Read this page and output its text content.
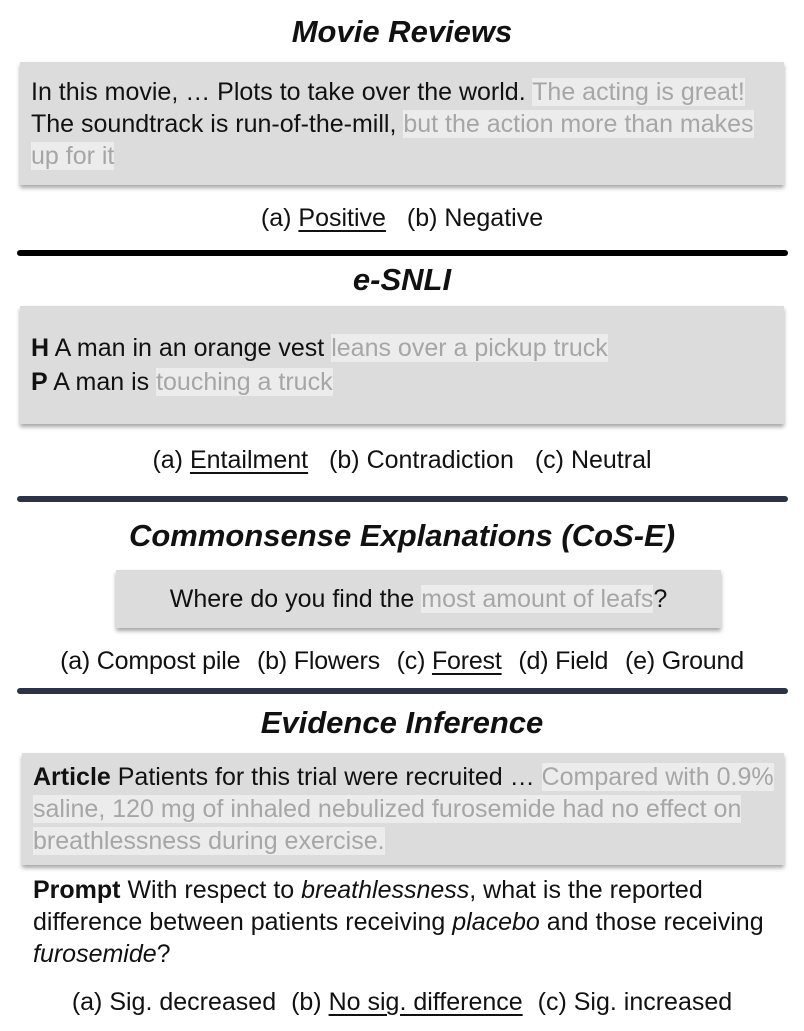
Movie Reviews
In this movie, … Plots to take over the world. The acting is great! The soundtrack is run-of-the-mill, but the action more than makes up for it
(a) Positive (b) Negative
e-SNLI
H A man in an orange vest leans over a pickup truck
P A man is touching a truck
(a) Entailment (b) Contradiction (c) Neutral
Commonsense Explanations (CoS-E)
Where do you find the most amount of leafs?
(a) Compost pile (b) Flowers (c) Forest (d) Field (e) Ground
Evidence Inference
Article Patients for this trial were recruited … Compared with 0.9% saline, 120 mg of inhaled nebulized furosemide had no effect on breathlessness during exercise.
Prompt With respect to breathlessness, what is the reported difference between patients receiving placebo and those receiving furosemide?
(a) Sig. decreased (b) No sig. difference (c) Sig. increased
